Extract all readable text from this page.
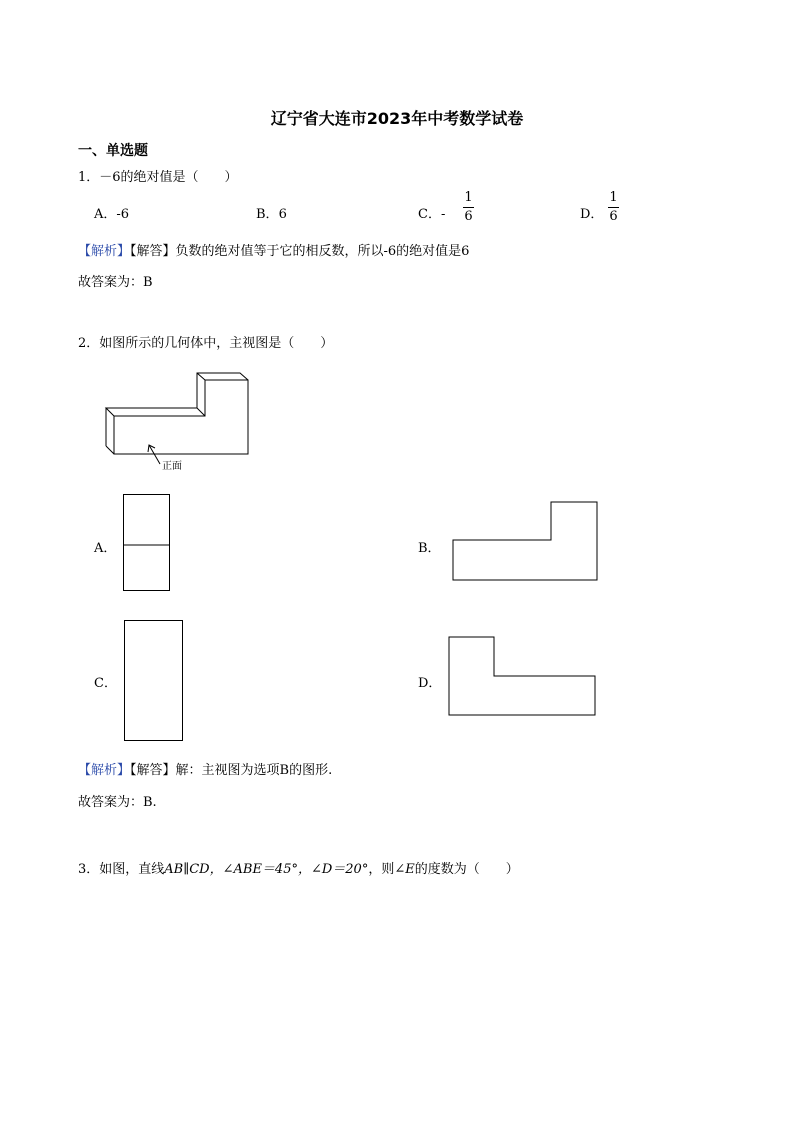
辽宁省大连市2023年中考数学试卷
一、单选题
1．－6的绝对值是（　　）
A．-6	B．6	C．-
1
6	D．
1
6
【解析】【解答】负数的绝对值等于它的相反数，所以-6的绝对值是6
故答案为：B
2．如图所示的几何体中，主视图是（　　）
正面
A．	B．
C．	D．
【解析】【解答】解：主视图为选项B的图形.
故答案为：B.
3．如图，直线AB∥CD，∠ABE＝45°，∠D＝20°，则∠E的度数为（　　）
